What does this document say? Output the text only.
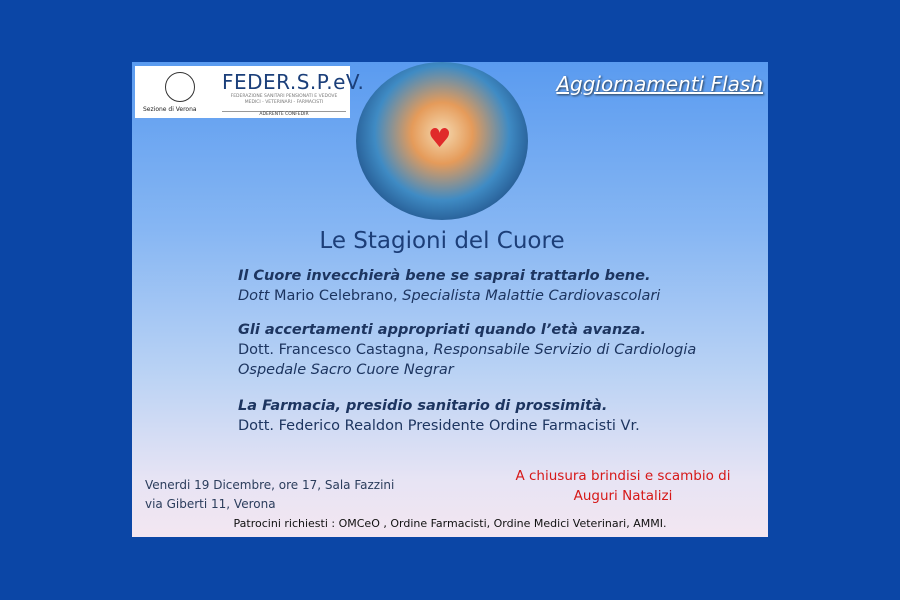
Sezione di Verona
FEDER.S.P.eV.
FEDERAZIONE SANITARI PENSIONATI E VEDOVE MEDICI - VETERINARI - FARMACISTI
ADERENTE CONFEDIR
Aggiornamenti Flash
♥
Le Stagioni del Cuore
Il Cuore invecchierà bene se saprai trattarlo bene.
Dott Mario Celebrano, Specialista Malattie Cardiovascolari
Gli accertamenti appropriati quando l’età avanza.
Dott. Francesco Castagna, Responsabile Servizio di Cardiologia
Ospedale Sacro Cuore Negrar
La Farmacia, presidio sanitario di prossimità.
Dott. Federico Realdon Presidente Ordine Farmacisti Vr.
Venerdi 19 Dicembre, ore 17, Sala Fazzini
via Giberti 11, Verona
A chiusura brindisi e scambio di
Auguri Natalizi
Patrocini richiesti : OMCeO , Ordine Farmacisti, Ordine Medici Veterinari, AMMI.
